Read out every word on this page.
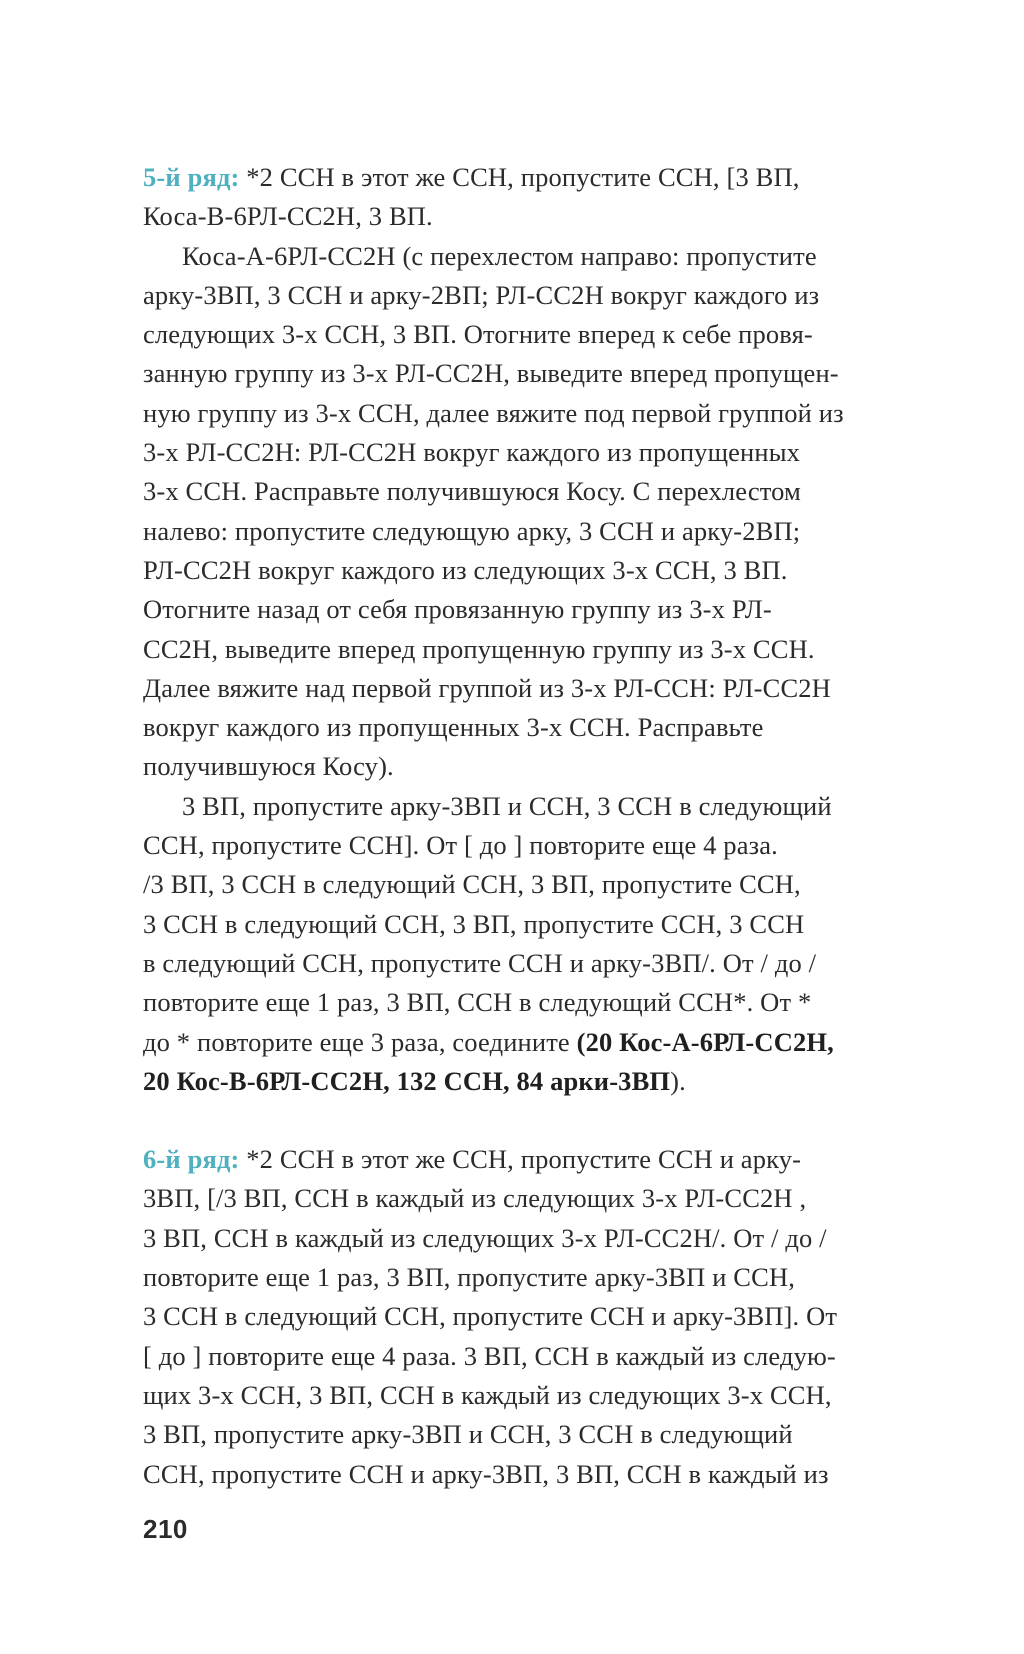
5-й ряд: *2 ССН в этот же ССН, пропустите ССН, [3 ВП,
Коса-В-6РЛ-СС2Н, 3 ВП.
Коса-А-6РЛ-СС2Н (с перехлестом направо: пропустите
арку-3ВП, 3 ССН и арку-2ВП; РЛ-СС2Н вокруг каждого из
следующих 3-х ССН, 3 ВП. Отогните вперед к себе провя-
занную группу из 3-х РЛ-СС2Н, выведите вперед пропущен-
ную группу из 3-х ССН, далее вяжите под первой группой из
3-х РЛ-СС2Н: РЛ-СС2Н вокруг каждого из пропущенных
3-х ССН. Расправьте получившуюся Косу. С перехлестом
налево: пропустите следующую арку, 3 ССН и арку-2ВП;
РЛ-СС2Н вокруг каждого из следующих 3-х ССН, 3 ВП.
Отогните назад от себя провязанную группу из 3-х РЛ-
СС2Н, выведите вперед пропущенную группу из 3-х ССН.
Далее вяжите над первой группой из 3-х РЛ-ССН: РЛ-СС2Н
вокруг каждого из пропущенных 3-х ССН. Расправьте
получившуюся Косу).
3 ВП, пропустите арку-3ВП и ССН, 3 ССН в следующий
ССН, пропустите ССН]. От [ до ] повторите еще 4 раза.
/3 ВП, 3 ССН в следующий ССН, 3 ВП, пропустите ССН,
3 ССН в следующий ССН, 3 ВП, пропустите ССН, 3 ССН
в следующий ССН, пропустите ССН и арку-3ВП/. От / до /
повторите еще 1 раз, 3 ВП, ССН в следующий ССН*. От *
до * повторите еще 3 раза, соедините (20 Кос-А-6РЛ-СС2Н,
20 Кос-В-6РЛ-СС2Н, 132 ССН, 84 арки-3ВП).
6-й ряд: *2 ССН в этот же ССН, пропустите ССН и арку-
3ВП, [/3 ВП, ССН в каждый из следующих 3-х РЛ-СС2Н ,
3 ВП, ССН в каждый из следующих 3-х РЛ-СС2Н/. От / до /
повторите еще 1 раз, 3 ВП, пропустите арку-3ВП и ССН,
3 ССН в следующий ССН, пропустите ССН и арку-3ВП]. От
[ до ] повторите еще 4 раза. 3 ВП, ССН в каждый из следую-
щих 3-х ССН, 3 ВП, ССН в каждый из следующих 3-х ССН,
3 ВП, пропустите арку-3ВП и ССН, 3 ССН в следующий
ССН, пропустите ССН и арку-3ВП, 3 ВП, ССН в каждый из
210
